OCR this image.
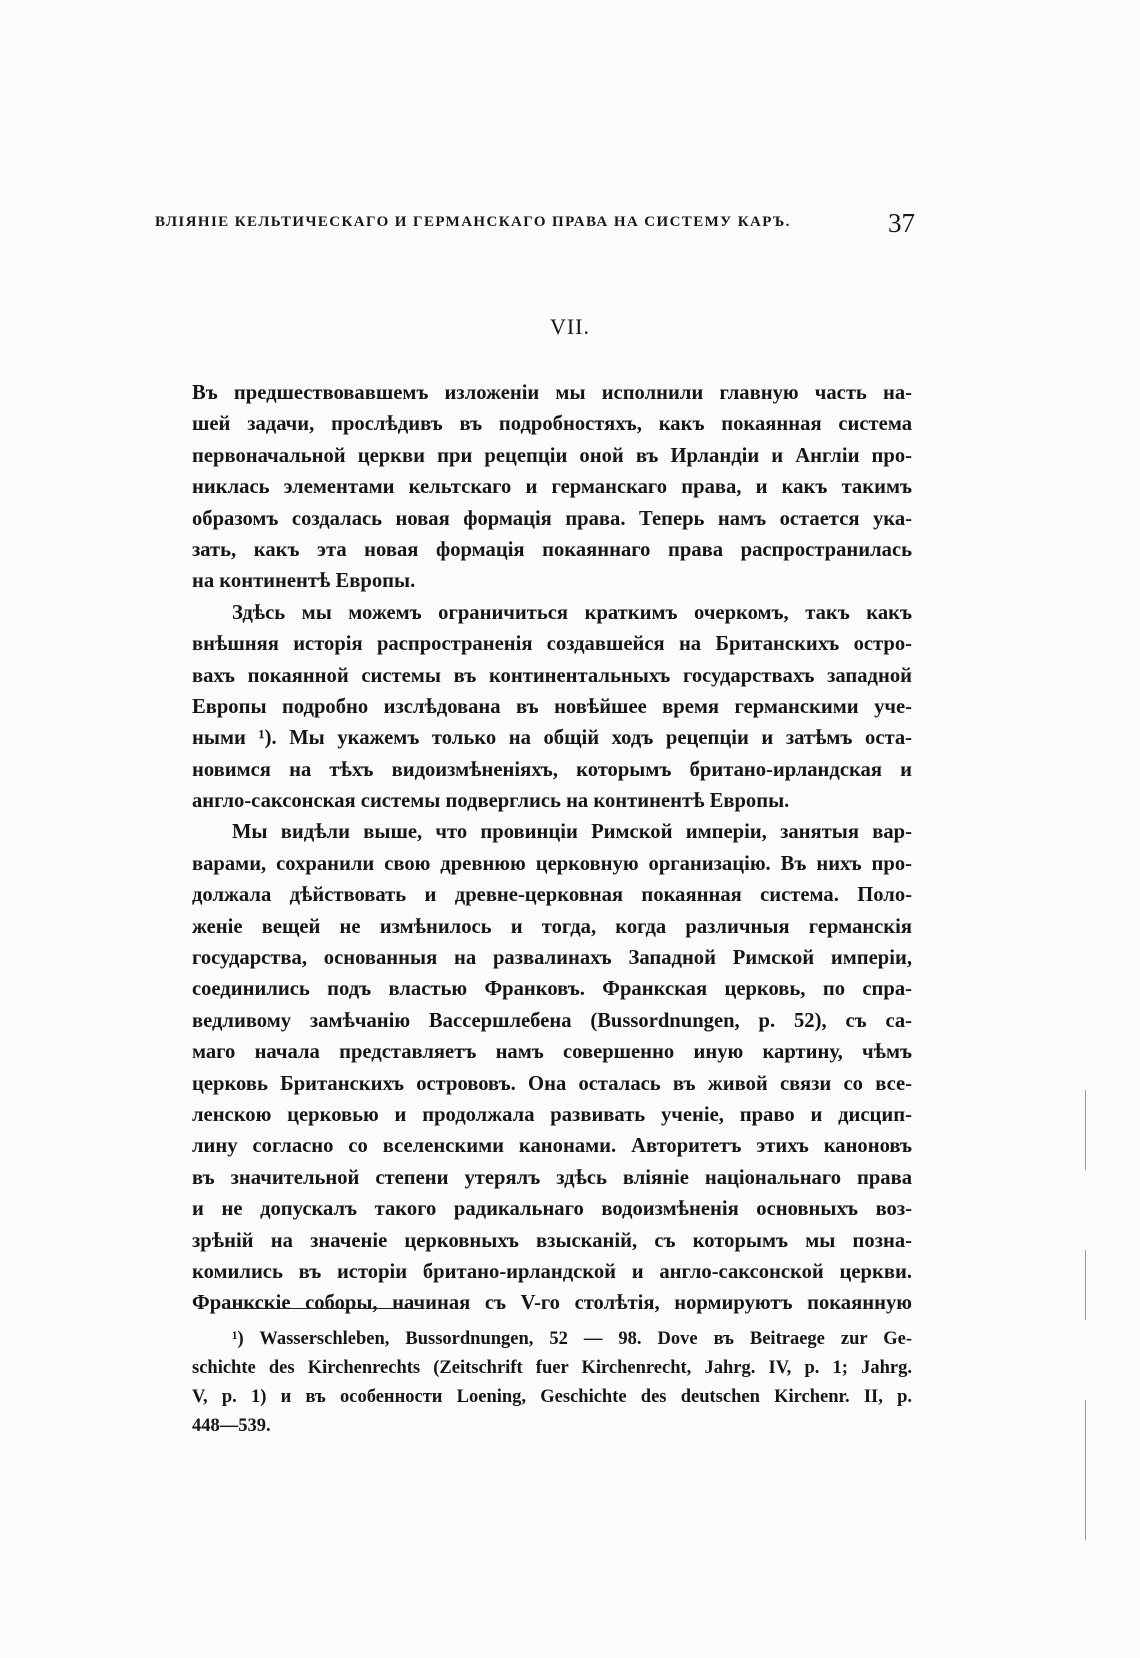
ВЛІЯНІЕ КЕЛЬТИЧЕСКАГО И ГЕРМАНСКАГО ПРАВА НА СИСТЕМУ КАРЪ.	37
VII.
Въ предшествовавшемъ изложеніи мы исполнили главную часть на-
шей задачи, прослѣдивъ въ подробностяхъ, какъ покаянная система
первоначальной церкви при рецепціи оной въ Ирландіи и Англіи про-
никлась элементами кельтскаго и германскаго права, и какъ такимъ
образомъ создалась новая формація права. Теперь намъ остается ука-
зать, какъ эта новая формація покаяннаго права распространилась
на континентѣ Европы.
Здѣсь мы можемъ ограничиться краткимъ очеркомъ, такъ какъ
внѣшняя исторія распространенія создавшейся на Британскихъ остро-
вахъ покаянной системы въ континентальныхъ государствахъ западной
Европы подробно изслѣдована въ новѣйшее время германскими уче-
ными ¹). Мы укажемъ только на общій ходъ рецепціи и затѣмъ оста-
новимся на тѣхъ видоизмѣненіяхъ, которымъ британо-ирландская и
англо-саксонская системы подверглись на континентѣ Европы.
Мы видѣли выше, что провинціи Римской имперіи, занятыя вар-
варами, сохранили свою древнюю церковную организацію. Въ нихъ про-
должала дѣйствовать и древне-церковная покаянная система. Поло-
женіе вещей не измѣнилось и тогда, когда различныя германскія
государства, основанныя на развалинахъ Западной Римской имперіи,
соединились подъ властью Франковъ. Франкская церковь, по спра-
ведливому замѣчанію Вассершлебена (Bussordnungen, p. 52), съ са-
маго начала представляетъ намъ совершенно иную картину, чѣмъ
церковь Британскихъ острововъ. Она осталась въ живой связи со все-
ленскою церковью и продолжала развивать ученіе, право и дисцип-
лину согласно со вселенскими канонами. Авторитетъ этихъ каноновъ
въ значительной степени утерялъ здѣсь вліяніе національнаго права
и не допускалъ такого радикальнаго водоизмѣненія основныхъ воз-
зрѣній на значеніе церковныхъ взысканій, съ которымъ мы позна-
комились въ исторіи британо-ирландской и англо-саксонской церкви.
Франкскіе соборы, начиная съ V-го столѣтія, нормируютъ покаянную
¹) Wasserschleben, Bussordnungen, 52 — 98. Dove въ Beitraege zur Ge-
schichte des Kirchenrechts (Zeitschrift fuer Kirchenrecht, Jahrg. IV, p. 1; Jahrg.
V, p. 1) и въ особенности Loening, Geschichte des deutschen Kirchenr. II, p.
448—539.
